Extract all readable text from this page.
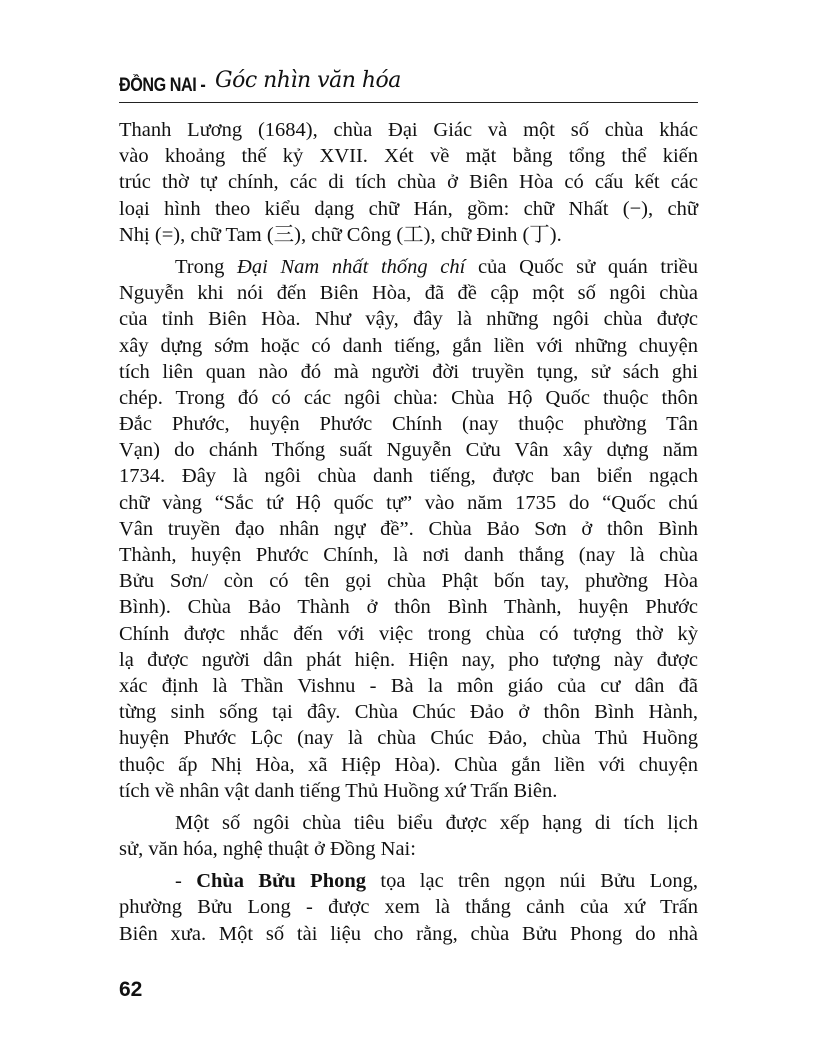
ĐỒNG NAI - Góc nhìn văn hóa
Thanh Lương (1684), chùa Đại Giác và một số chùa khác
vào khoảng thế kỷ XVII. Xét về mặt bằng tổng thể kiến
trúc thờ tự chính, các di tích chùa ở Biên Hòa có cấu kết các
loại hình theo kiểu dạng chữ Hán, gồm: chữ Nhất (−), chữ
Nhị (=), chữ Tam (三), chữ Công (工), chữ Đinh (丁).
Trong Đại Nam nhất thống chí của Quốc sử quán triều
Nguyễn khi nói đến Biên Hòa, đã đề cập một số ngôi chùa
của tỉnh Biên Hòa. Như vậy, đây là những ngôi chùa được
xây dựng sớm hoặc có danh tiếng, gắn liền với những chuyện
tích liên quan nào đó mà người đời truyền tụng, sử sách ghi
chép. Trong đó có các ngôi chùa: Chùa Hộ Quốc thuộc thôn
Đắc Phước, huyện Phước Chính (nay thuộc phường Tân
Vạn) do chánh Thống suất Nguyễn Cửu Vân xây dựng năm
1734. Đây là ngôi chùa danh tiếng, được ban biển ngạch
chữ vàng “Sắc tứ Hộ quốc tự” vào năm 1735 do “Quốc chú
Vân truyền đạo nhân ngự đề”. Chùa Bảo Sơn ở thôn Bình
Thành, huyện Phước Chính, là nơi danh thắng (nay là chùa
Bửu Sơn/ còn có tên gọi chùa Phật bốn tay, phường Hòa
Bình). Chùa Bảo Thành ở thôn Bình Thành, huyện Phước
Chính được nhắc đến với việc trong chùa có tượng thờ kỳ
lạ được người dân phát hiện. Hiện nay, pho tượng này được
xác định là Thần Vishnu - Bà la môn giáo của cư dân đã
từng sinh sống tại đây. Chùa Chúc Đảo ở thôn Bình Hành,
huyện Phước Lộc (nay là chùa Chúc Đảo, chùa Thủ Huồng
thuộc ấp Nhị Hòa, xã Hiệp Hòa). Chùa gắn liền với chuyện
tích về nhân vật danh tiếng Thủ Huồng xứ Trấn Biên.
Một số ngôi chùa tiêu biểu được xếp hạng di tích lịch
sử, văn hóa, nghệ thuật ở Đồng Nai:
- Chùa Bửu Phong tọa lạc trên ngọn núi Bửu Long,
phường Bửu Long - được xem là thắng cảnh của xứ Trấn
Biên xưa. Một số tài liệu cho rằng, chùa Bửu Phong do nhà
62
